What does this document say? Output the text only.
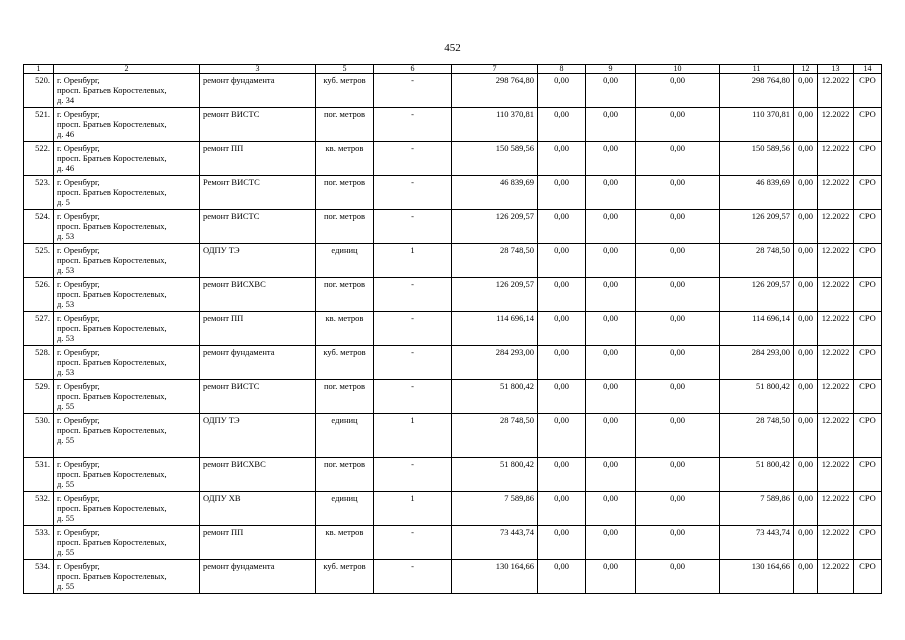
452
1	2	3	5	6	7	8	9	10	11	12	13	14
520.	г. Оренбург,
просп. Братьев Коростелевых,
д. 34	ремонт фундамента	куб. метров	-	298 764,80	0,00	0,00	0,00	298 764,80	0,00	12.2022	СРО
521.	г. Оренбург,
просп. Братьев Коростелевых,
д. 46	ремонт ВИСТС	пог. метров	-	110 370,81	0,00	0,00	0,00	110 370,81	0,00	12.2022	СРО
522.	г. Оренбург,
просп. Братьев Коростелевых,
д. 46	ремонт ПП	кв. метров	-	150 589,56	0,00	0,00	0,00	150 589,56	0,00	12.2022	СРО
523.	г. Оренбург,
просп. Братьев Коростелевых,
д. 5	Ремонт ВИСТС	пог. метров	-	46 839,69	0,00	0,00	0,00	46 839,69	0,00	12.2022	СРО
524.	г. Оренбург,
просп. Братьев Коростелевых,
д. 53	ремонт ВИСТС	пог. метров	-	126 209,57	0,00	0,00	0,00	126 209,57	0,00	12.2022	СРО
525.	г. Оренбург,
просп. Братьев Коростелевых,
д. 53	ОДПУ ТЭ	единиц	1	28 748,50	0,00	0,00	0,00	28 748,50	0,00	12.2022	СРО
526.	г. Оренбург,
просп. Братьев Коростелевых,
д. 53	ремонт ВИСХВС	пог. метров	-	126 209,57	0,00	0,00	0,00	126 209,57	0,00	12.2022	СРО
527.	г. Оренбург,
просп. Братьев Коростелевых,
д. 53	ремонт ПП	кв. метров	-	114 696,14	0,00	0,00	0,00	114 696,14	0,00	12.2022	СРО
528.	г. Оренбург,
просп. Братьев Коростелевых,
д. 53	ремонт фундамента	куб. метров	-	284 293,00	0,00	0,00	0,00	284 293,00	0,00	12.2022	СРО
529.	г. Оренбург,
просп. Братьев Коростелевых,
д. 55	ремонт ВИСТС	пог. метров	-	51 800,42	0,00	0,00	0,00	51 800,42	0,00	12.2022	СРО
530.	г. Оренбург,
просп. Братьев Коростелевых,
д. 55	ОДПУ ТЭ	единиц	1	28 748,50	0,00	0,00	0,00	28 748,50	0,00	12.2022	СРО
531.	г. Оренбург,
просп. Братьев Коростелевых,
д. 55	ремонт ВИСХВС	пог. метров	-	51 800,42	0,00	0,00	0,00	51 800,42	0,00	12.2022	СРО
532.	г. Оренбург,
просп. Братьев Коростелевых,
д. 55	ОДПУ ХВ	единиц	1	7 589,86	0,00	0,00	0,00	7 589,86	0,00	12.2022	СРО
533.	г. Оренбург,
просп. Братьев Коростелевых,
д. 55	ремонт ПП	кв. метров	-	73 443,74	0,00	0,00	0,00	73 443,74	0,00	12.2022	СРО
534.	г. Оренбург,
просп. Братьев Коростелевых,
д. 55	ремонт фундамента	куб. метров	-	130 164,66	0,00	0,00	0,00	130 164,66	0,00	12.2022	СРО
